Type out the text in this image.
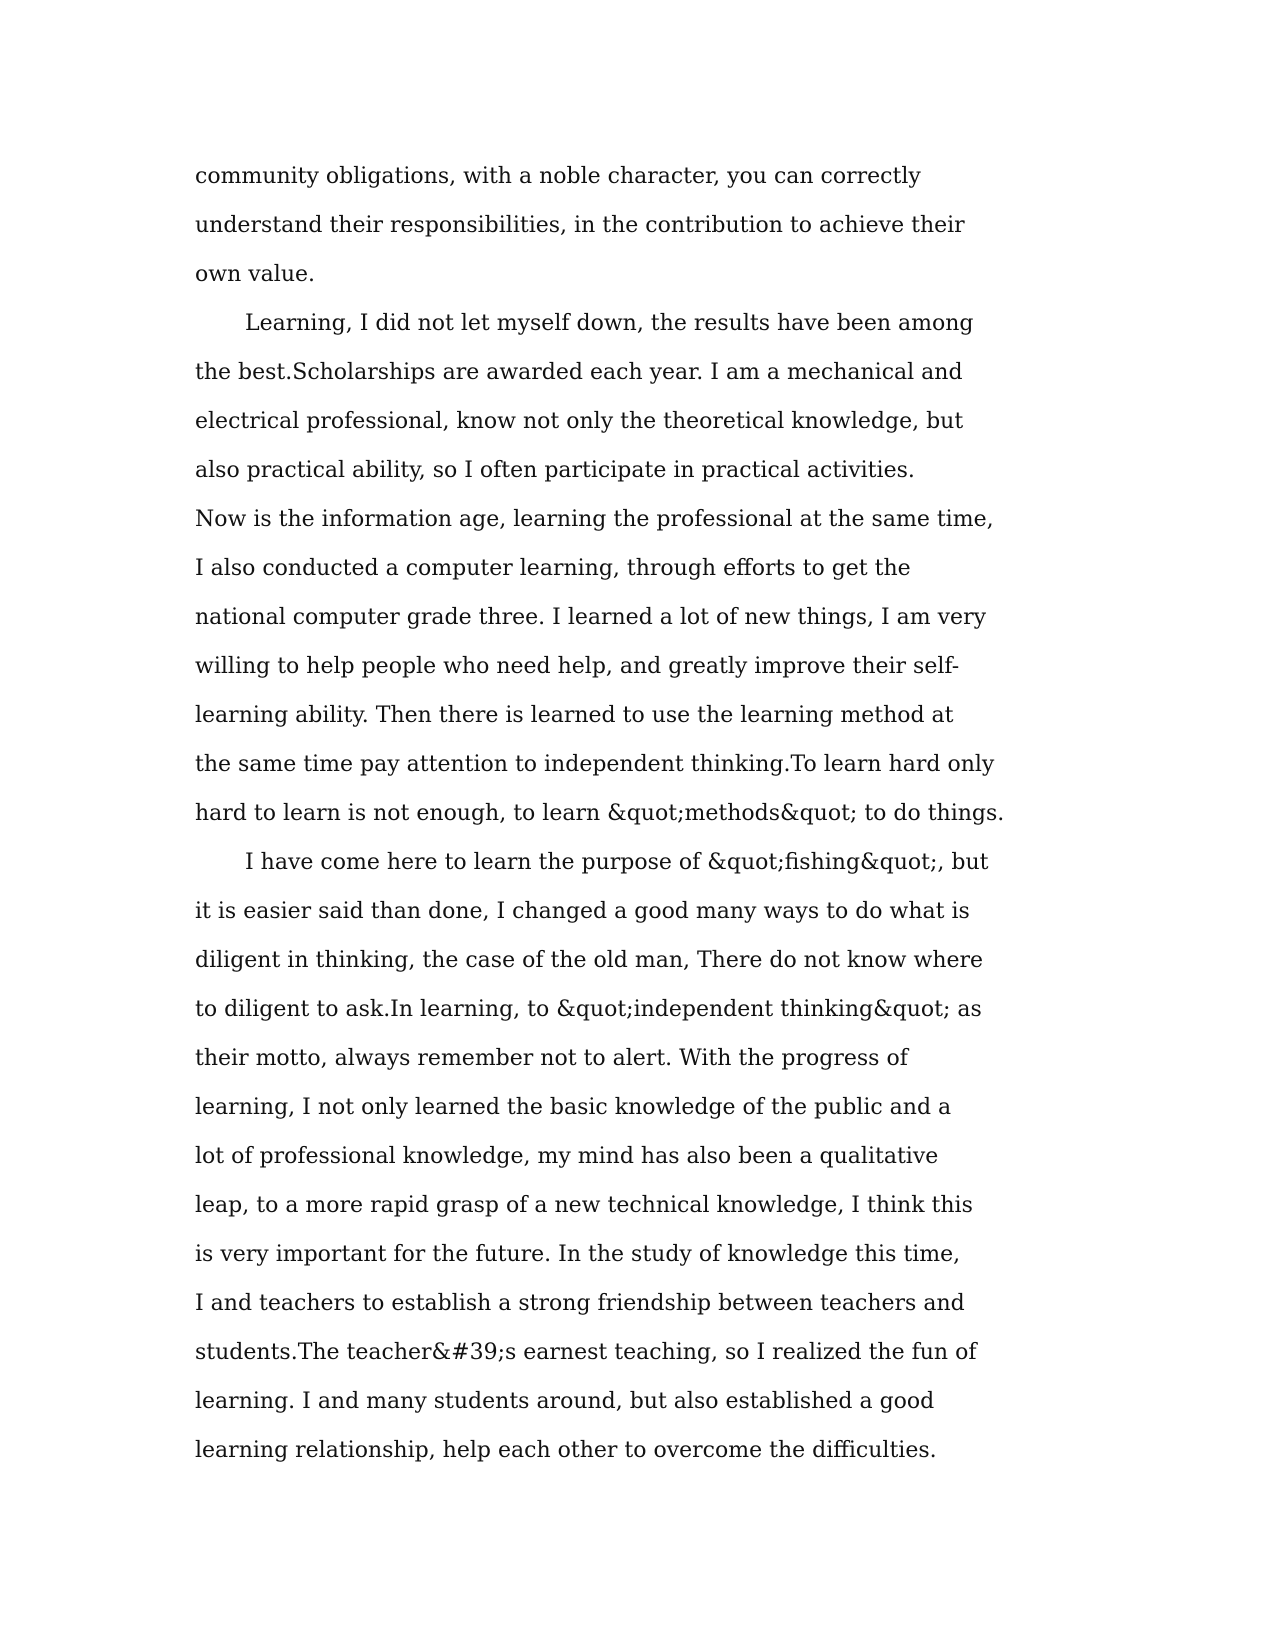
community obligations, with a noble character, you can correctly
understand their responsibilities, in the contribution to achieve their
own value.
Learning, I did not let myself down, the results have been among
the best.Scholarships are awarded each year. I am a mechanical and
electrical professional, know not only the theoretical knowledge, but
also practical ability, so I often participate in practical activities.
Now is the information age, learning the professional at the same time,
I also conducted a computer learning, through efforts to get the
national computer grade three. I learned a lot of new things, I am very
willing to help people who need help, and greatly improve their self-
learning ability. Then there is learned to use the learning method at
the same time pay attention to independent thinking.To learn hard only
hard to learn is not enough, to learn &quot;methods&quot; to do things.
I have come here to learn the purpose of &quot;fishing&quot;, but
it is easier said than done, I changed a good many ways to do what is
diligent in thinking, the case of the old man, There do not know where
to diligent to ask.In learning, to &quot;independent thinking&quot; as
their motto, always remember not to alert. With the progress of
learning, I not only learned the basic knowledge of the public and a
lot of professional knowledge, my mind has also been a qualitative
leap, to a more rapid grasp of a new technical knowledge, I think this
is very important for the future. In the study of knowledge this time,
I and teachers to establish a strong friendship between teachers and
students.The teacher&#39;s earnest teaching, so I realized the fun of
learning. I and many students around, but also established a good
learning relationship, help each other to overcome the difficulties.
